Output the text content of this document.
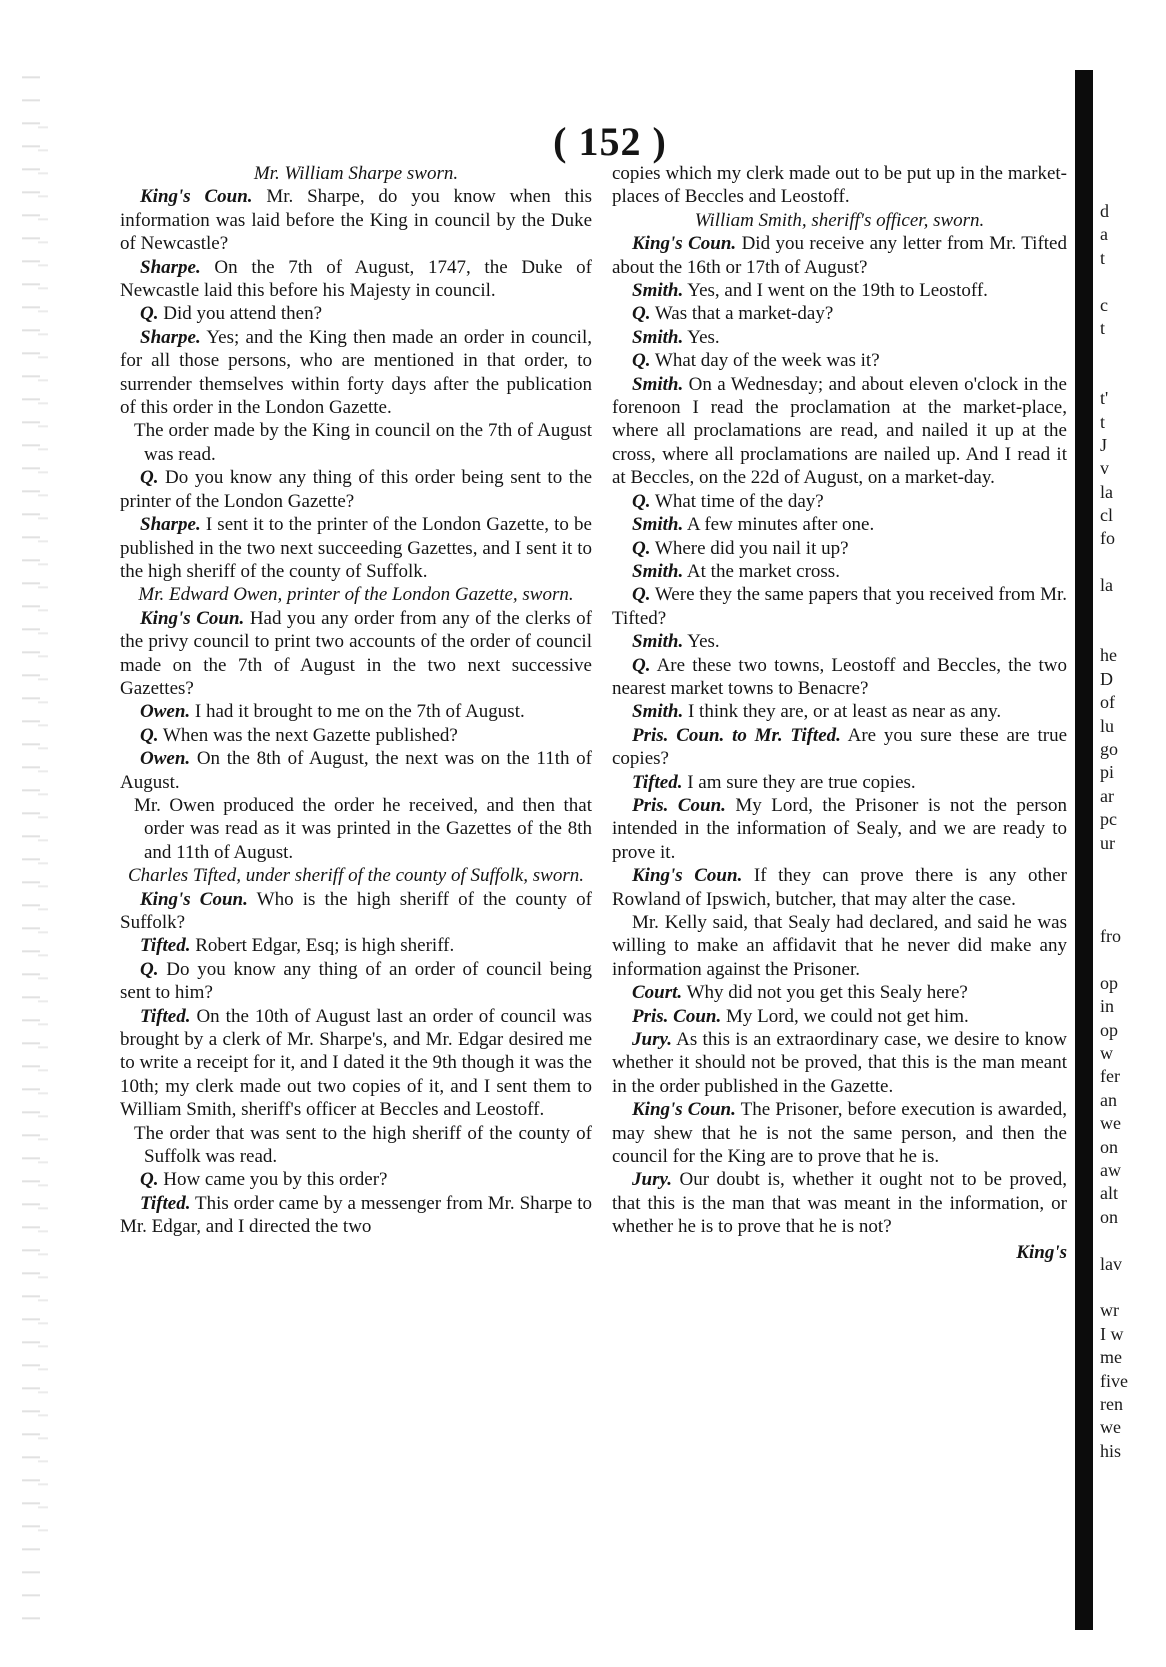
( 152 )

Mr. William Sharpe sworn.

King's Coun. Mr. Sharpe, do you know when this information was laid before the King in council by the Duke of Newcastle?

Sharpe. On the 7th of August, 1747, the Duke of Newcastle laid this before his Majesty in council.

Q. Did you attend then?

Sharpe. Yes; and the King then made an order in council, for all those persons, who are mentioned in that order, to surrender themselves within forty days after the publication of this order in the London Gazette.

The order made by the King in council on the 7th of August was read.

Q. Do you know any thing of this order being sent to the printer of the London Gazette?

Sharpe. I sent it to the printer of the London Gazette, to be published in the two next succeeding Gazettes, and I sent it to the high sheriff of the county of Suffolk.

Mr. Edward Owen, printer of the London Gazette, sworn.

King's Coun. Had you any order from any of the clerks of the privy council to print two accounts of the order of council made on the 7th of August in the two next successive Gazettes?

Owen. I had it brought to me on the 7th of August.

Q. When was the next Gazette published?

Owen. On the 8th of August, the next was on the 11th of August.

Mr. Owen produced the order he received, and then that order was read as it was printed in the Gazettes of the 8th and 11th of August.

Charles Tifted, under sheriff of the county of Suffolk, sworn.

King's Coun. Who is the high sheriff of the county of Suffolk?

Tifted. Robert Edgar, Esq; is high sheriff.

Q. Do you know any thing of an order of council being sent to him?

Tifted. On the 10th of August last an order of council was brought by a clerk of Mr. Sharpe's, and Mr. Edgar desired me to write a receipt for it, and I dated it the 9th though it was the 10th; my clerk made out two copies of it, and I sent them to William Smith, sheriff's officer at Beccles and Leostoff.

The order that was sent to the high sheriff of the county of Suffolk was read.

Q. How came you by this order?

Tifted. This order came by a messenger from Mr. Sharpe to Mr. Edgar, and I directed the two

copies which my clerk made out to be put up in the market-places of Beccles and Leostoff.

William Smith, sheriff's officer, sworn.

King's Coun. Did you receive any letter from Mr. Tifted about the 16th or 17th of August?

Smith. Yes, and I went on the 19th to Leostoff.

Q. Was that a market-day?

Smith. Yes.

Q. What day of the week was it?

Smith. On a Wednesday; and about eleven o'clock in the forenoon I read the proclamation at the market-place, where all proclamations are read, and nailed it up at the cross, where all proclamations are nailed up. And I read it at Beccles, on the 22d of August, on a market-day.

Q. What time of the day?

Smith. A few minutes after one.

Q. Where did you nail it up?

Smith. At the market cross.

Q. Were they the same papers that you received from Mr. Tifted?

Smith. Yes.

Q. Are these two towns, Leostoff and Beccles, the two nearest market towns to Benacre?

Smith. I think they are, or at least as near as any.

Pris. Coun. to Mr. Tifted. Are you sure these are true copies?

Tifted. I am sure they are true copies.

Pris. Coun. My Lord, the Prisoner is not the person intended in the information of Sealy, and we are ready to prove it.

King's Coun. If they can prove there is any other Rowland of Ipswich, butcher, that may alter the case.

Mr. Kelly said, that Sealy had declared, and said he was willing to make an affidavit that he never did make any information against the Prisoner.

Court. Why did not you get this Sealy here?

Pris. Coun. My Lord, we could not get him.

Jury. As this is an extraordinary case, we desire to know whether it should not be proved, that this is the man meant in the order published in the Gazette.

King's Coun. The Prisoner, before execution is awarded, may shew that he is not the same person, and then the council for the King are to prove that he is.

Jury. Our doubt is, whether it ought not to be proved, that this is the man that was meant in the information, or whether he is to prove that he is not?

King's
d
a
t
c
t
t'
t
J
v
la
cl
fo
la
he
D
of
lu
go
pi
ar
pc
ur
fro
op
in
op
w
fer
an
we
on
aw
alt
on
lav
wr
I w
me
five
ren
we
his
